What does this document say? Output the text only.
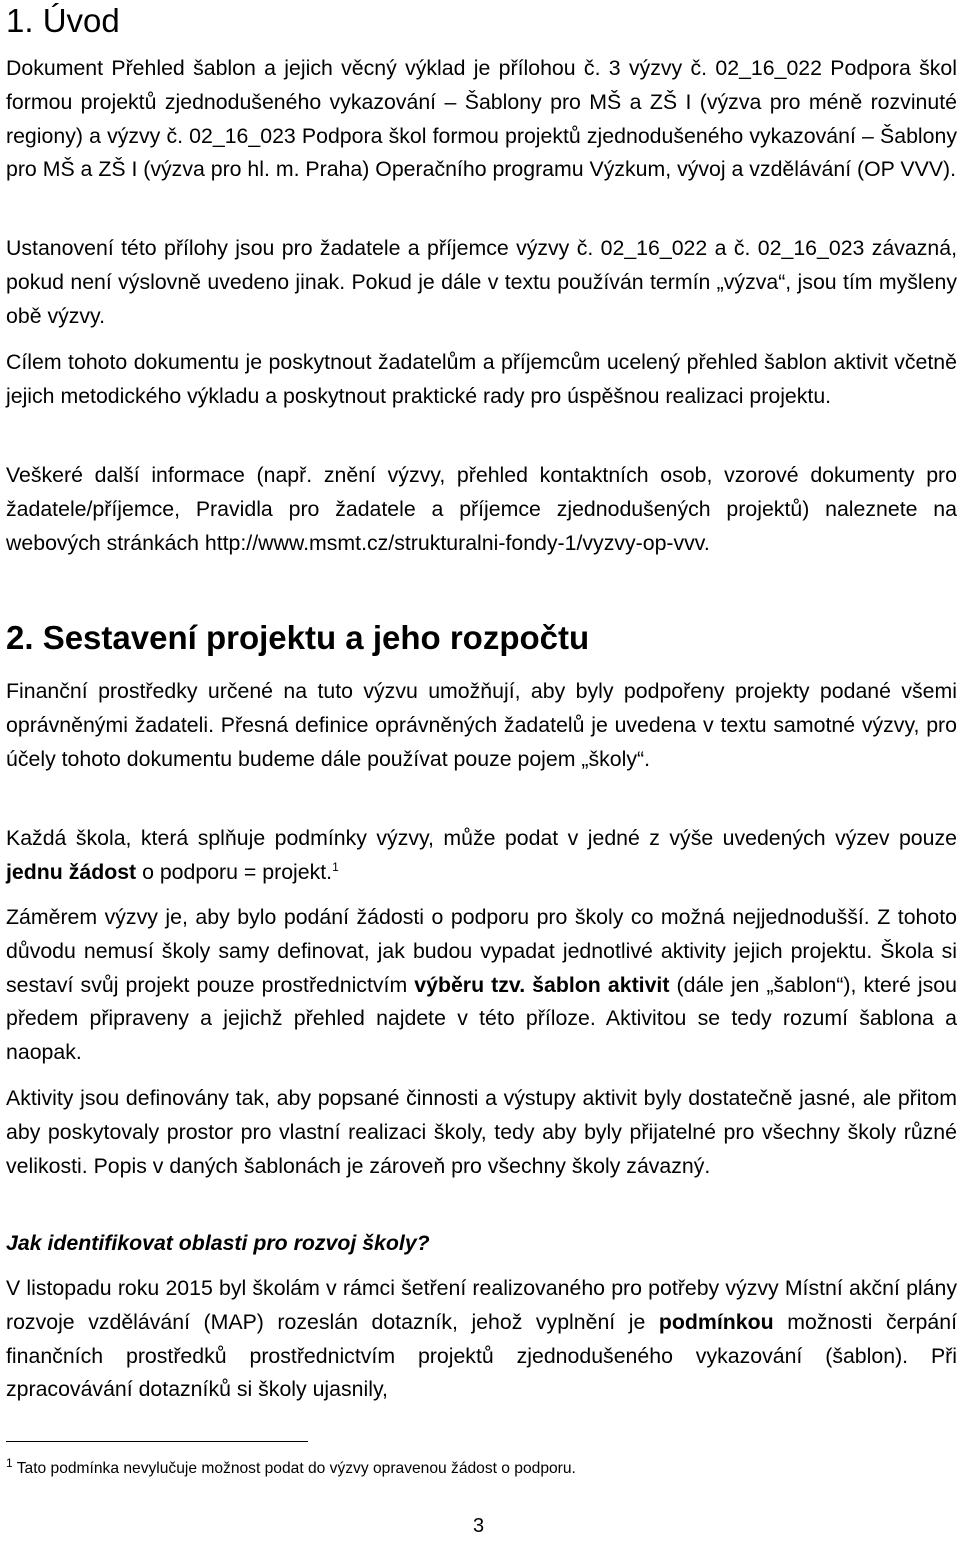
1. Úvod

Dokument Přehled šablon a jejich věcný výklad je přílohou č. 3 výzvy č. 02_16_022 Podpora škol formou projektů zjednodušeného vykazování – Šablony pro MŠ a ZŠ I (výzva pro méně rozvinuté regiony) a výzvy č. 02_16_023 Podpora škol formou projektů zjednodušeného vykazování – Šablony pro MŠ a ZŠ I (výzva pro hl. m. Praha) Operačního programu Výzkum, vývoj a vzdělávání (OP VVV).

Ustanovení této přílohy jsou pro žadatele a příjemce výzvy č. 02_16_022 a č. 02_16_023 závazná, pokud není výslovně uvedeno jinak. Pokud je dále v textu používán termín „výzva“, jsou tím myšleny obě výzvy.

Cílem tohoto dokumentu je poskytnout žadatelům a příjemcům ucelený přehled šablon aktivit včetně jejich metodického výkladu a poskytnout praktické rady pro úspěšnou realizaci projektu.

Veškeré další informace (např. znění výzvy, přehled kontaktních osob, vzorové dokumenty pro žadatele/příjemce, Pravidla pro žadatele a příjemce zjednodušených projektů) naleznete na webových stránkách http://www.msmt.cz/strukturalni-fondy-1/vyzvy-op-vvv.

2. Sestavení projektu a jeho rozpočtu

Finanční prostředky určené na tuto výzvu umožňují, aby byly podpořeny projekty podané všemi oprávněnými žadateli. Přesná definice oprávněných žadatelů je uvedena v textu samotné výzvy, pro účely tohoto dokumentu budeme dále používat pouze pojem „školy“.

Každá škola, která splňuje podmínky výzvy, může podat v jedné z výše uvedených výzev pouze jednu žádost o podporu = projekt.$^1$

Záměrem výzvy je, aby bylo podání žádosti o podporu pro školy co možná nejjednodušší. Z tohoto důvodu nemusí školy samy definovat, jak budou vypadat jednotlivé aktivity jejich projektu. Škola si sestaví svůj projekt pouze prostřednictvím výběru tzv. šablon aktivit (dále jen „šablon“), které jsou předem připraveny a jejichž přehled najdete v této příloze. Aktivitou se tedy rozumí šablona a naopak.

Aktivity jsou definovány tak, aby popsané činnosti a výstupy aktivit byly dostatečně jasné, ale přitom aby poskytovaly prostor pro vlastní realizaci školy, tedy aby byly přijatelné pro všechny školy různé velikosti. Popis v daných šablonách je zároveň pro všechny školy závazný.

Jak identifikovat oblasti pro rozvoj školy?

V listopadu roku 2015 byl školám v rámci šetření realizovaného pro potřeby výzvy Místní akční plány rozvoje vzdělávání (MAP) rozeslán dotazník, jehož vyplnění je podmínkou možnosti čerpání finančních prostředků prostřednictvím projektů zjednodušeného vykazování (šablon). Při zpracovávání dotazníků si školy ujasnily,

$^1$ Tato podmínka nevylučuje možnost podat do výzvy opravenou žádost o podporu.
3
